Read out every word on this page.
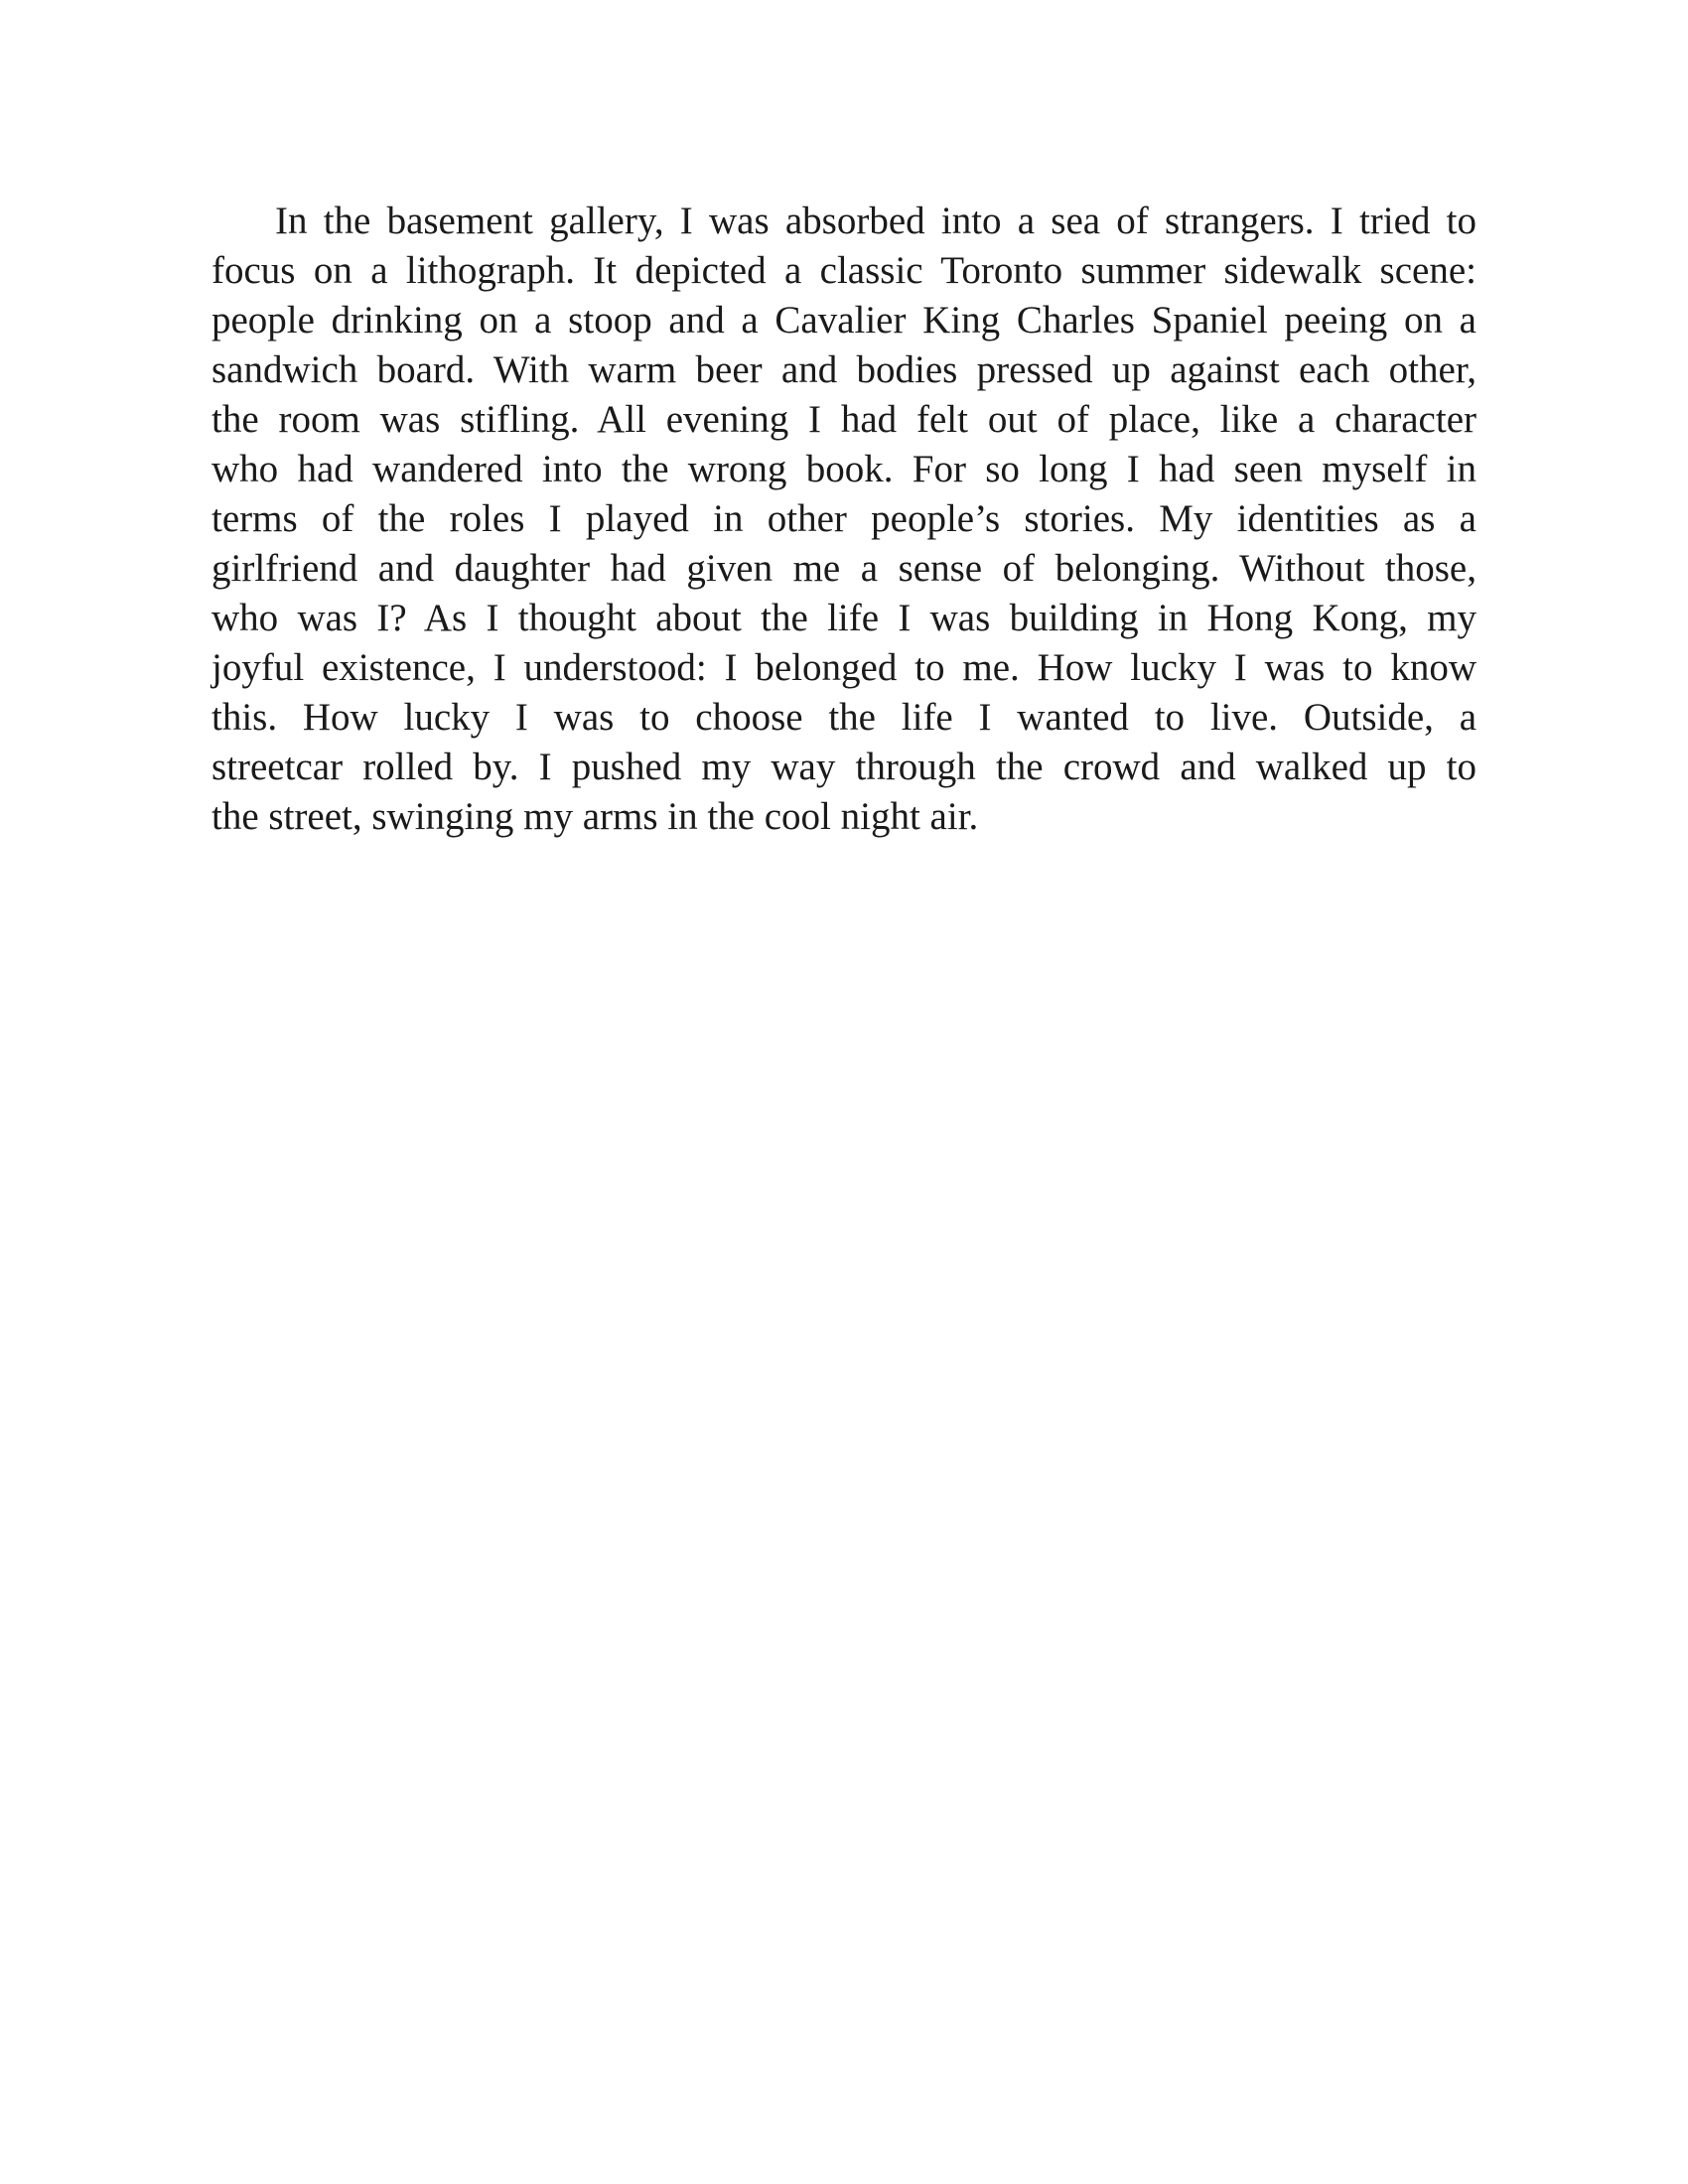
In the basement gallery, I was absorbed into a sea of strangers. I tried to
focus on a lithograph. It depicted a classic Toronto summer sidewalk scene:
people drinking on a stoop and a Cavalier King Charles Spaniel peeing on a
sandwich board. With warm beer and bodies pressed up against each other,
the room was stifling. All evening I had felt out of place, like a character
who had wandered into the wrong book. For so long I had seen myself in
terms of the roles I played in other people’s stories. My identities as a
girlfriend and daughter had given me a sense of belonging. Without those,
who was I? As I thought about the life I was building in Hong Kong, my
joyful existence, I understood: I belonged to me. How lucky I was to know
this. How lucky I was to choose the life I wanted to live. Outside, a
streetcar rolled by. I pushed my way through the crowd and walked up to
the street, swinging my arms in the cool night air.
